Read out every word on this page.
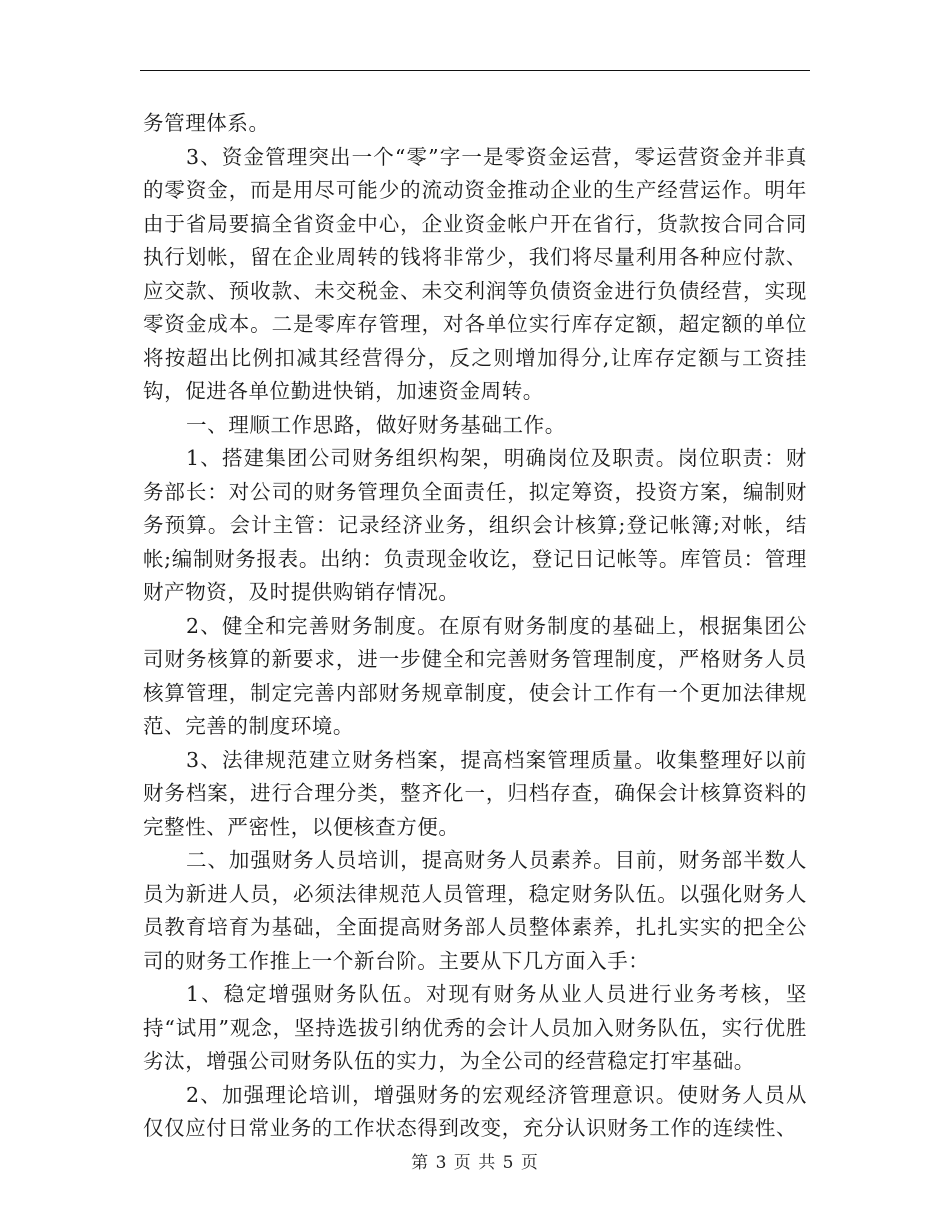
务管理体系。

3、资金管理突出一个“零”字一是零资金运营，零运营资金并非真的零资金，而是用尽可能少的流动资金推动企业的生产经营运作。明年由于省局要搞全省资金中心，企业资金帐户开在省行，货款按合同合同执行划帐，留在企业周转的钱将非常少，我们将尽量利用各种应付款、应交款、预收款、未交税金、未交利润等负债资金进行负债经营，实现零资金成本。二是零库存管理，对各单位实行库存定额，超定额的单位将按超出比例扣减其经营得分，反之则增加得分,让库存定额与工资挂钩，促进各单位勤进快销，加速资金周转。

一、理顺工作思路，做好财务基础工作。

1、搭建集团公司财务组织构架，明确岗位及职责。岗位职责：财务部长：对公司的财务管理负全面责任，拟定筹资，投资方案，编制财务预算。会计主管：记录经济业务，组织会计核算;登记帐簿;对帐，结帐;编制财务报表。出纳：负责现金收讫，登记日记帐等。库管员：管理财产物资，及时提供购销存情况。

2、健全和完善财务制度。在原有财务制度的基础上，根据集团公司财务核算的新要求，进一步健全和完善财务管理制度，严格财务人员核算管理，制定完善内部财务规章制度，使会计工作有一个更加法律规范、完善的制度环境。

3、法律规范建立财务档案，提高档案管理质量。收集整理好以前财务档案，进行合理分类，整齐化一，归档存查，确保会计核算资料的完整性、严密性，以便核查方便。

二、加强财务人员培训，提高财务人员素养。目前，财务部半数人员为新进人员，必须法律规范人员管理，稳定财务队伍。以强化财务人员教育培育为基础，全面提高财务部人员整体素养，扎扎实实的把全公司的财务工作推上一个新台阶。主要从下几方面入手：

1、稳定增强财务队伍。对现有财务从业人员进行业务考核，坚持“试用”观念，坚持选拔引纳优秀的会计人员加入财务队伍，实行优胜劣汰，增强公司财务队伍的实力，为全公司的经营稳定打牢基础。

2、加强理论培训，增强财务的宏观经济管理意识。使财务人员从仅仅应付日常业务的工作状态得到改变，充分认识财务工作的连续性、

第 3 页 共 5 页
